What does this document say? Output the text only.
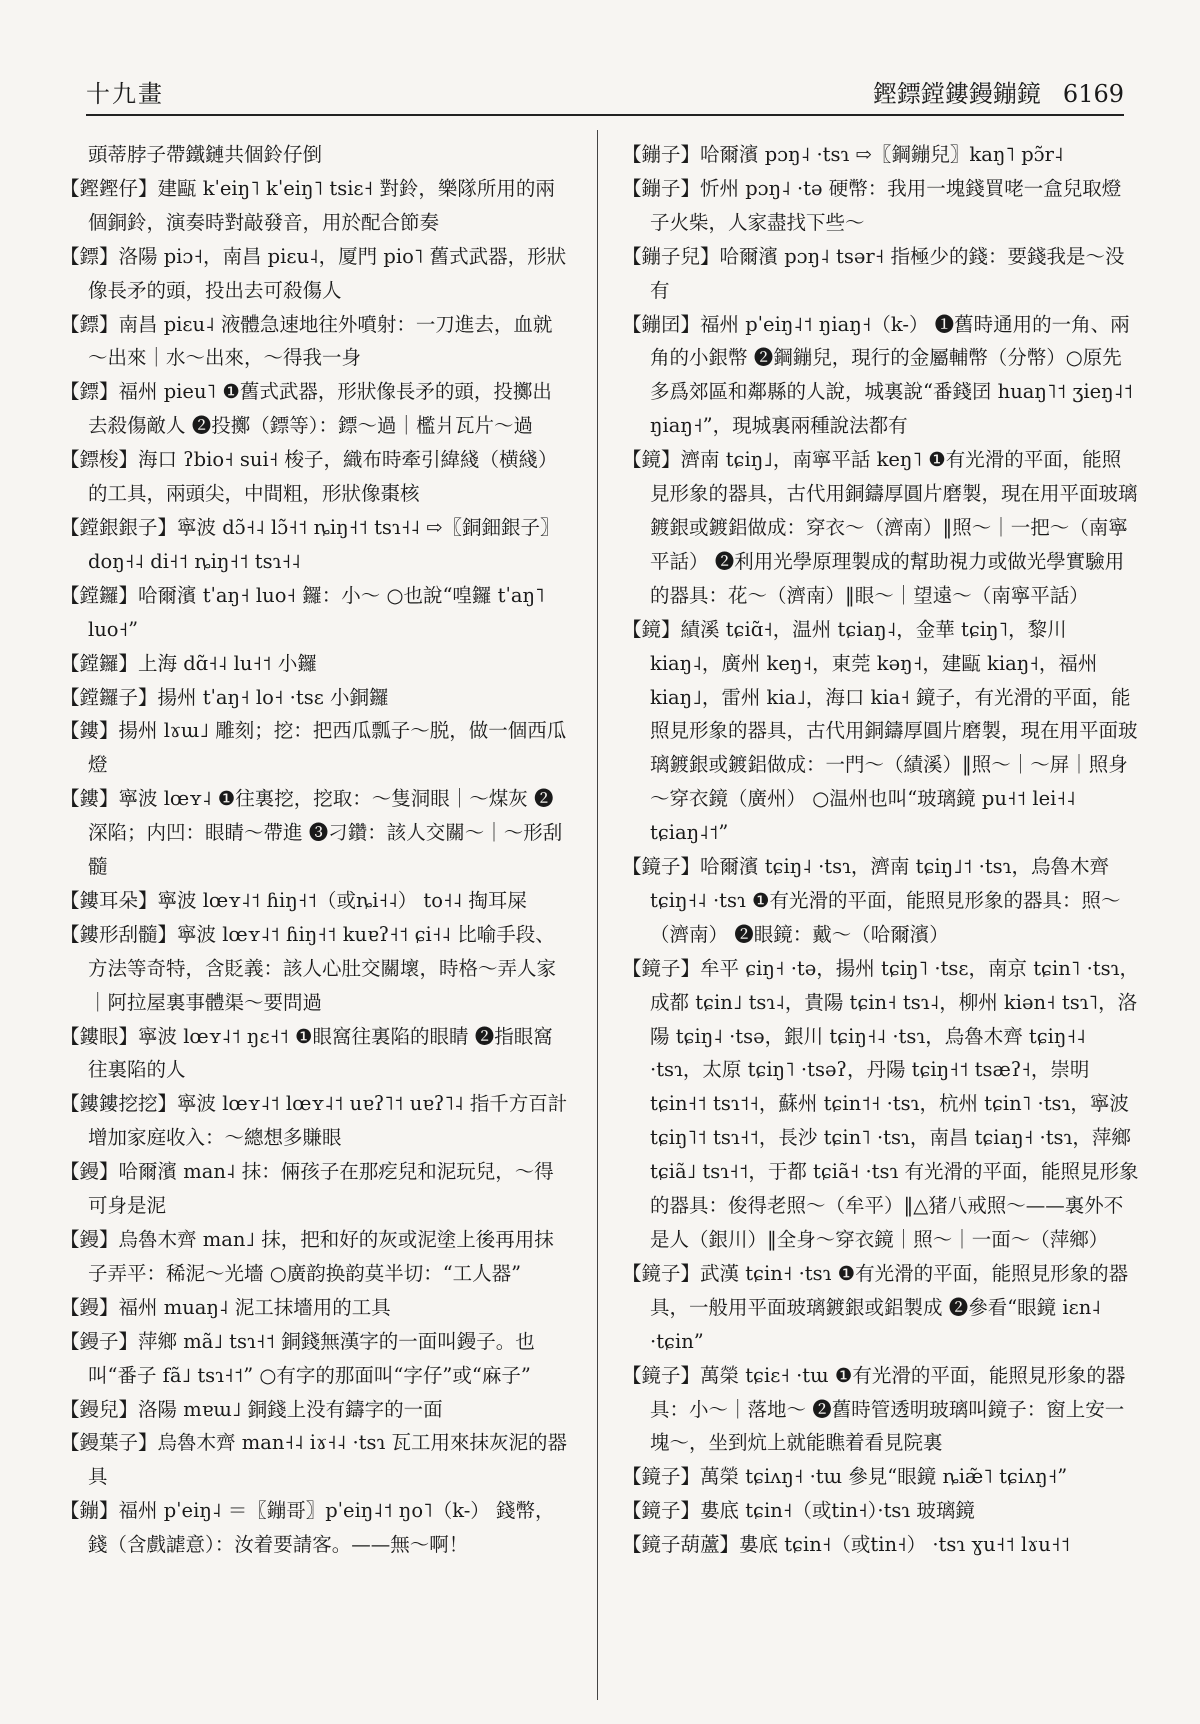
十九畫	鏗鏢鏜鏤鏝鏰鏡 6169

頭蒂脖子帶鐵鏈共個鈴仔倒

【鏗鏗仔】建甌 kˈeiŋ˥ kˈeiŋ˥ tsiɛ˧ 對鈴，樂隊所用的兩個銅鈴，演奏時對敲發音，用於配合節奏

【鏢】洛陽 piɔ˧，南昌 piɛu˨，厦門 pio˥ 舊式武器，形狀像長矛的頭，投出去可殺傷人

【鏢】南昌 piɛu˨ 液體急速地往外噴射：一刀進去，血就～出來｜水～出來，～得我一身

【鏢】福州 pieu˥ ❶舊式武器，形狀像長矛的頭，投擲出去殺傷敵人 ❷投擲（鏢等）：鏢～過｜檻爿瓦片～過

【鏢梭】海口 ʔbio˧ sui˧ 梭子，織布時牽引緯綫（横綫）的工具，兩頭尖，中間粗，形狀像棗核

【鏜銀銀子】寧波 dɔ̃˧˨ lɔ̃˧˦ ȵiŋ˧˦ tsɿ˧˨ ⇨〖銅鈿銀子〗doŋ˧˨ di˧˦ ȵiŋ˧˦ tsɿ˧˨

【鏜鑼】哈爾濱 tˈaŋ˧ luo˧ 鑼：小～ ○也說“喤鑼 tˈaŋ˥ luo˧”

【鏜鑼】上海 dɑ̃˧˨ lu˧˦ 小鑼

【鏜鑼子】揚州 tˈaŋ˧ lo˧ ·tsɛ 小銅鑼

【鏤】揚州 lɤɯ˩ 雕刻；挖：把西瓜瓢子～脱，做一個西瓜燈

【鏤】寧波 lœʏ˨ ❶往裏挖，挖取：～隻洞眼｜～煤灰 ❷深陷；内凹：眼睛～帶進 ❸刁鑽：該人交關～｜～形刮髓

【鏤耳朵】寧波 lœʏ˨˦ ɦiŋ˧˦（或ȵi˧˨） to˧˨ 掏耳屎

【鏤形刮髓】寧波 lœʏ˨˦ ɦiŋ˧˦ kuɐʔ˧˦ ɕi˧˨ 比喻手段、方法等奇特，含貶義：該人心肚交關壞，時格～弄人家｜阿拉屋裏事體渠～要問過

【鏤眼】寧波 lœʏ˨˦ ŋɛ˧˦ ❶眼窩往裏陷的眼睛 ❷指眼窩往裏陷的人

【鏤鏤挖挖】寧波 lœʏ˨˦ lœʏ˨˦ uɐʔ˥˦ uɐʔ˥˨ 指千方百計增加家庭收入：～總想多賺眼

【鏝】哈爾濱 man˨ 抹：倆孩子在那疙兒和泥玩兒，～得可身是泥

【鏝】烏魯木齊 man˩ 抹，把和好的灰或泥塗上後再用抹子弄平：稀泥～光墻 ○廣韵换韵莫半切：“工人器”

【鏝】福州 muaŋ˨ 泥工抹墻用的工具

【鏝子】萍鄉 mã˩ tsɿ˧˦ 銅錢無漢字的一面叫鏝子。也叫“番子 fã˩ tsɿ˧˦” ○有字的那面叫“字仔”或“麻子”

【鏝兒】洛陽 mɐɯ˩ 銅錢上没有鑄字的一面

【鏝葉子】烏魯木齊 man˧˨ iɤ˧˨ ·tsɿ 瓦工用來抹灰泥的器具

【鏰】福州 pˈeiŋ˨ ＝〖鏰哥〗pˈeiŋ˨˦ ŋo˥（k-） 錢幣，錢（含戲謔意）：汝着要請客。——無～啊！

【鏰子】哈爾濱 pɔŋ˨ ·tsɿ ⇨〖鋼鏰兒〗kaŋ˥ pɔ̃r˨

【鏰子】忻州 pɔŋ˨ ·tə 硬幣：我用一塊錢買咾一盒兒取燈子火柴，人家盡找下些～

【鏰子兒】哈爾濱 pɔŋ˨ tsər˧ 指極少的錢：要錢我是～没有

【鏰囝】福州 pˈeiŋ˨˦ ŋiaŋ˧（k-） ❶舊時通用的一角、兩角的小銀幣 ❷鋼鏰兒，現行的金屬輔幣（分幣）○原先多爲郊區和鄰縣的人說，城裏說“番錢囝 huaŋ˥˦ ʒieŋ˨˦ ŋiaŋ˧”，現城裏兩種說法都有

【鏡】濟南 tɕiŋ˩，南寧平話 keŋ˥ ❶有光滑的平面，能照見形象的器具，古代用銅鑄厚圓片磨製，現在用平面玻璃鍍銀或鍍鋁做成：穿衣～（濟南）‖照～｜一把～（南寧平話） ❷利用光學原理製成的幫助視力或做光學實驗用的器具：花～（濟南）‖眼～｜望遠～（南寧平話）

【鏡】績溪 tɕiɑ̃˧，温州 tɕiaŋ˨，金華 tɕiŋ˥，黎川 kiaŋ˨，廣州 keŋ˧，東莞 kəŋ˧，建甌 kiaŋ˧，福州 kiaŋ˩，雷州 kia˩，海口 kia˧ 鏡子，有光滑的平面，能照見形象的器具，古代用銅鑄厚圓片磨製，現在用平面玻璃鍍銀或鍍鋁做成：一門～（績溪）‖照～｜～屏｜照身～穿衣鏡（廣州） ○温州也叫“玻璃鏡 pu˧˦ lei˧˨ tɕiaŋ˨˦”

【鏡子】哈爾濱 tɕiŋ˨ ·tsɿ，濟南 tɕiŋ˩˦ ·tsɿ，烏魯木齊 tɕiŋ˧˨ ·tsɿ ❶有光滑的平面，能照見形象的器具：照～（濟南） ❷眼鏡：戴～（哈爾濱）

【鏡子】牟平 ɕiŋ˧ ·tə，揚州 tɕiŋ˥ ·tsɛ，南京 tɕin˥ ·tsɿ，成都 tɕin˩ tsɿ˨，貴陽 tɕin˧ tsɿ˨，柳州 kiən˧ tsɿ˥，洛陽 tɕiŋ˨ ·tsə，銀川 tɕiŋ˧˨ ·tsɿ，烏魯木齊 tɕiŋ˧˨ ·tsɿ，太原 tɕiŋ˥ ·tsəʔ，丹陽 tɕiŋ˧˦ tsæʔ˧，崇明 tɕin˧˦ tsɿ˦˧，蘇州 tɕin˦˧ ·tsɿ，杭州 tɕin˥ ·tsɿ，寧波 tɕiŋ˥˦ tsɿ˧˦，長沙 tɕin˥ ·tsɿ，南昌 tɕiaŋ˧ ·tsɿ，萍鄉 tɕiã˩ tsɿ˧˦，于都 tɕiã˧ ·tsɿ 有光滑的平面，能照見形象的器具：俊得老照～（牟平）‖△猪八戒照～——裏外不是人（銀川）‖全身～穿衣鏡｜照～｜一面～（萍鄉）

【鏡子】武漢 tɕin˧ ·tsɿ ❶有光滑的平面，能照見形象的器具，一般用平面玻璃鍍銀或鋁製成 ❷參看“眼鏡 iɛn˨ ·tɕin”

【鏡子】萬榮 tɕiɛ˧ ·tɯ ❶有光滑的平面，能照見形象的器具：小～｜落地～ ❷舊時管透明玻璃叫鏡子：窗上安一塊～，坐到炕上就能瞧着看見院裏

【鏡子】萬榮 tɕiʌŋ˧ ·tɯ 參見“眼鏡 ȵiæ̃˥ tɕiʌŋ˧”

【鏡子】婁底 tɕin˧（或tin˧）·tsɿ 玻璃鏡

【鏡子葫蘆】婁底 tɕin˧（或tin˧） ·tsɿ ɣu˧˦ lɤu˧˦
